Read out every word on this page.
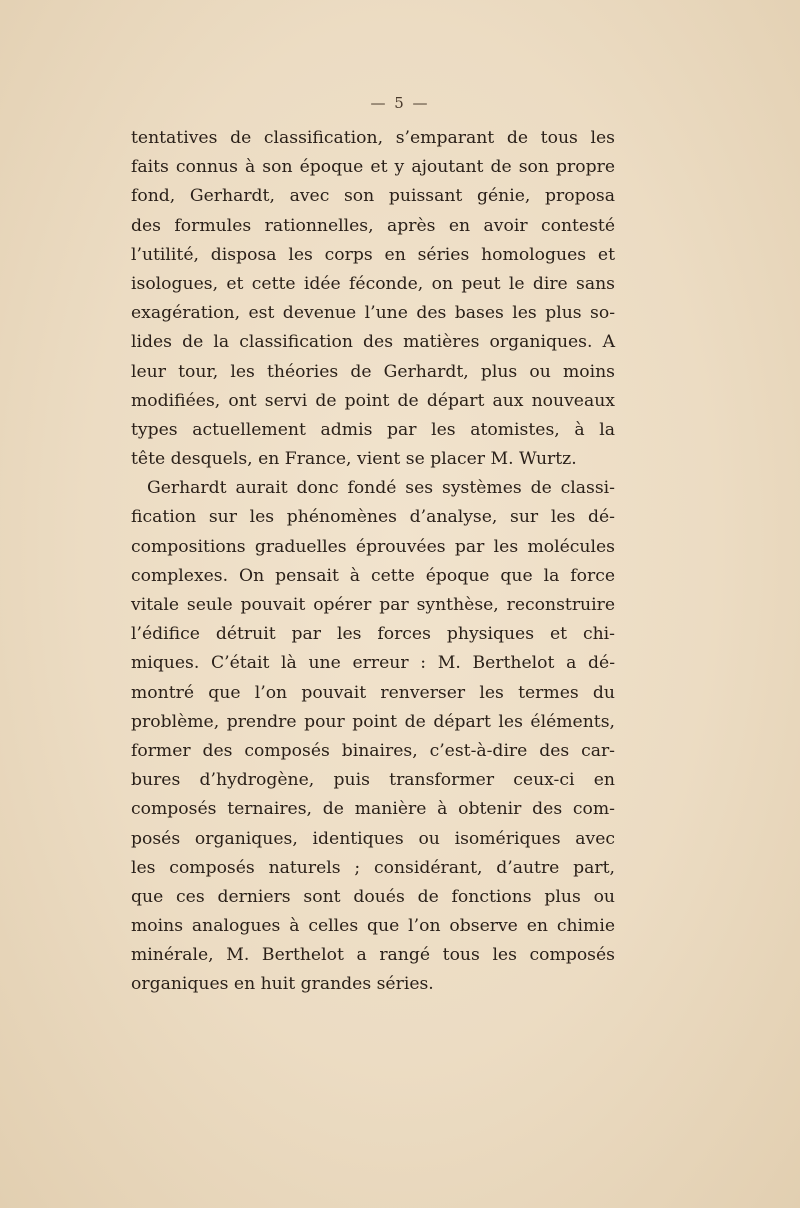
— 5 —
tentatives de classification, s’emparant de tous les
faits connus à son époque et y ajoutant de son propre
fond, Gerhardt, avec son puissant génie, proposa
des formules rationnelles, après en avoir contesté
l’utilité, disposa les corps en séries homologues et
isologues, et cette idée féconde, on peut le dire sans
exagération, est devenue l’une des bases les plus so-
lides de la classification des matières organiques. A
leur tour, les théories de Gerhardt, plus ou moins
modifiées, ont servi de point de départ aux nouveaux
types actuellement admis par les atomistes, à la
tête desquels, en France, vient se placer M. Wurtz.
Gerhardt aurait donc fondé ses systèmes de classi-
fication sur les phénomènes d’analyse, sur les dé-
compositions graduelles éprouvées par les molécules
complexes. On pensait à cette époque que la force
vitale seule pouvait opérer par synthèse, reconstruire
l’édifice détruit par les forces physiques et chi-
miques. C’était là une erreur : M. Berthelot a dé-
montré que l’on pouvait renverser les termes du
problème, prendre pour point de départ les éléments,
former des composés binaires, c’est-à-dire des car-
bures d’hydrogène, puis transformer ceux-ci en
composés ternaires, de manière à obtenir des com-
posés organiques, identiques ou isomériques avec
les composés naturels ; considérant, d’autre part,
que ces derniers sont doués de fonctions plus ou
moins analogues à celles que l’on observe en chimie
minérale, M. Berthelot a rangé tous les composés
organiques en huit grandes séries.
